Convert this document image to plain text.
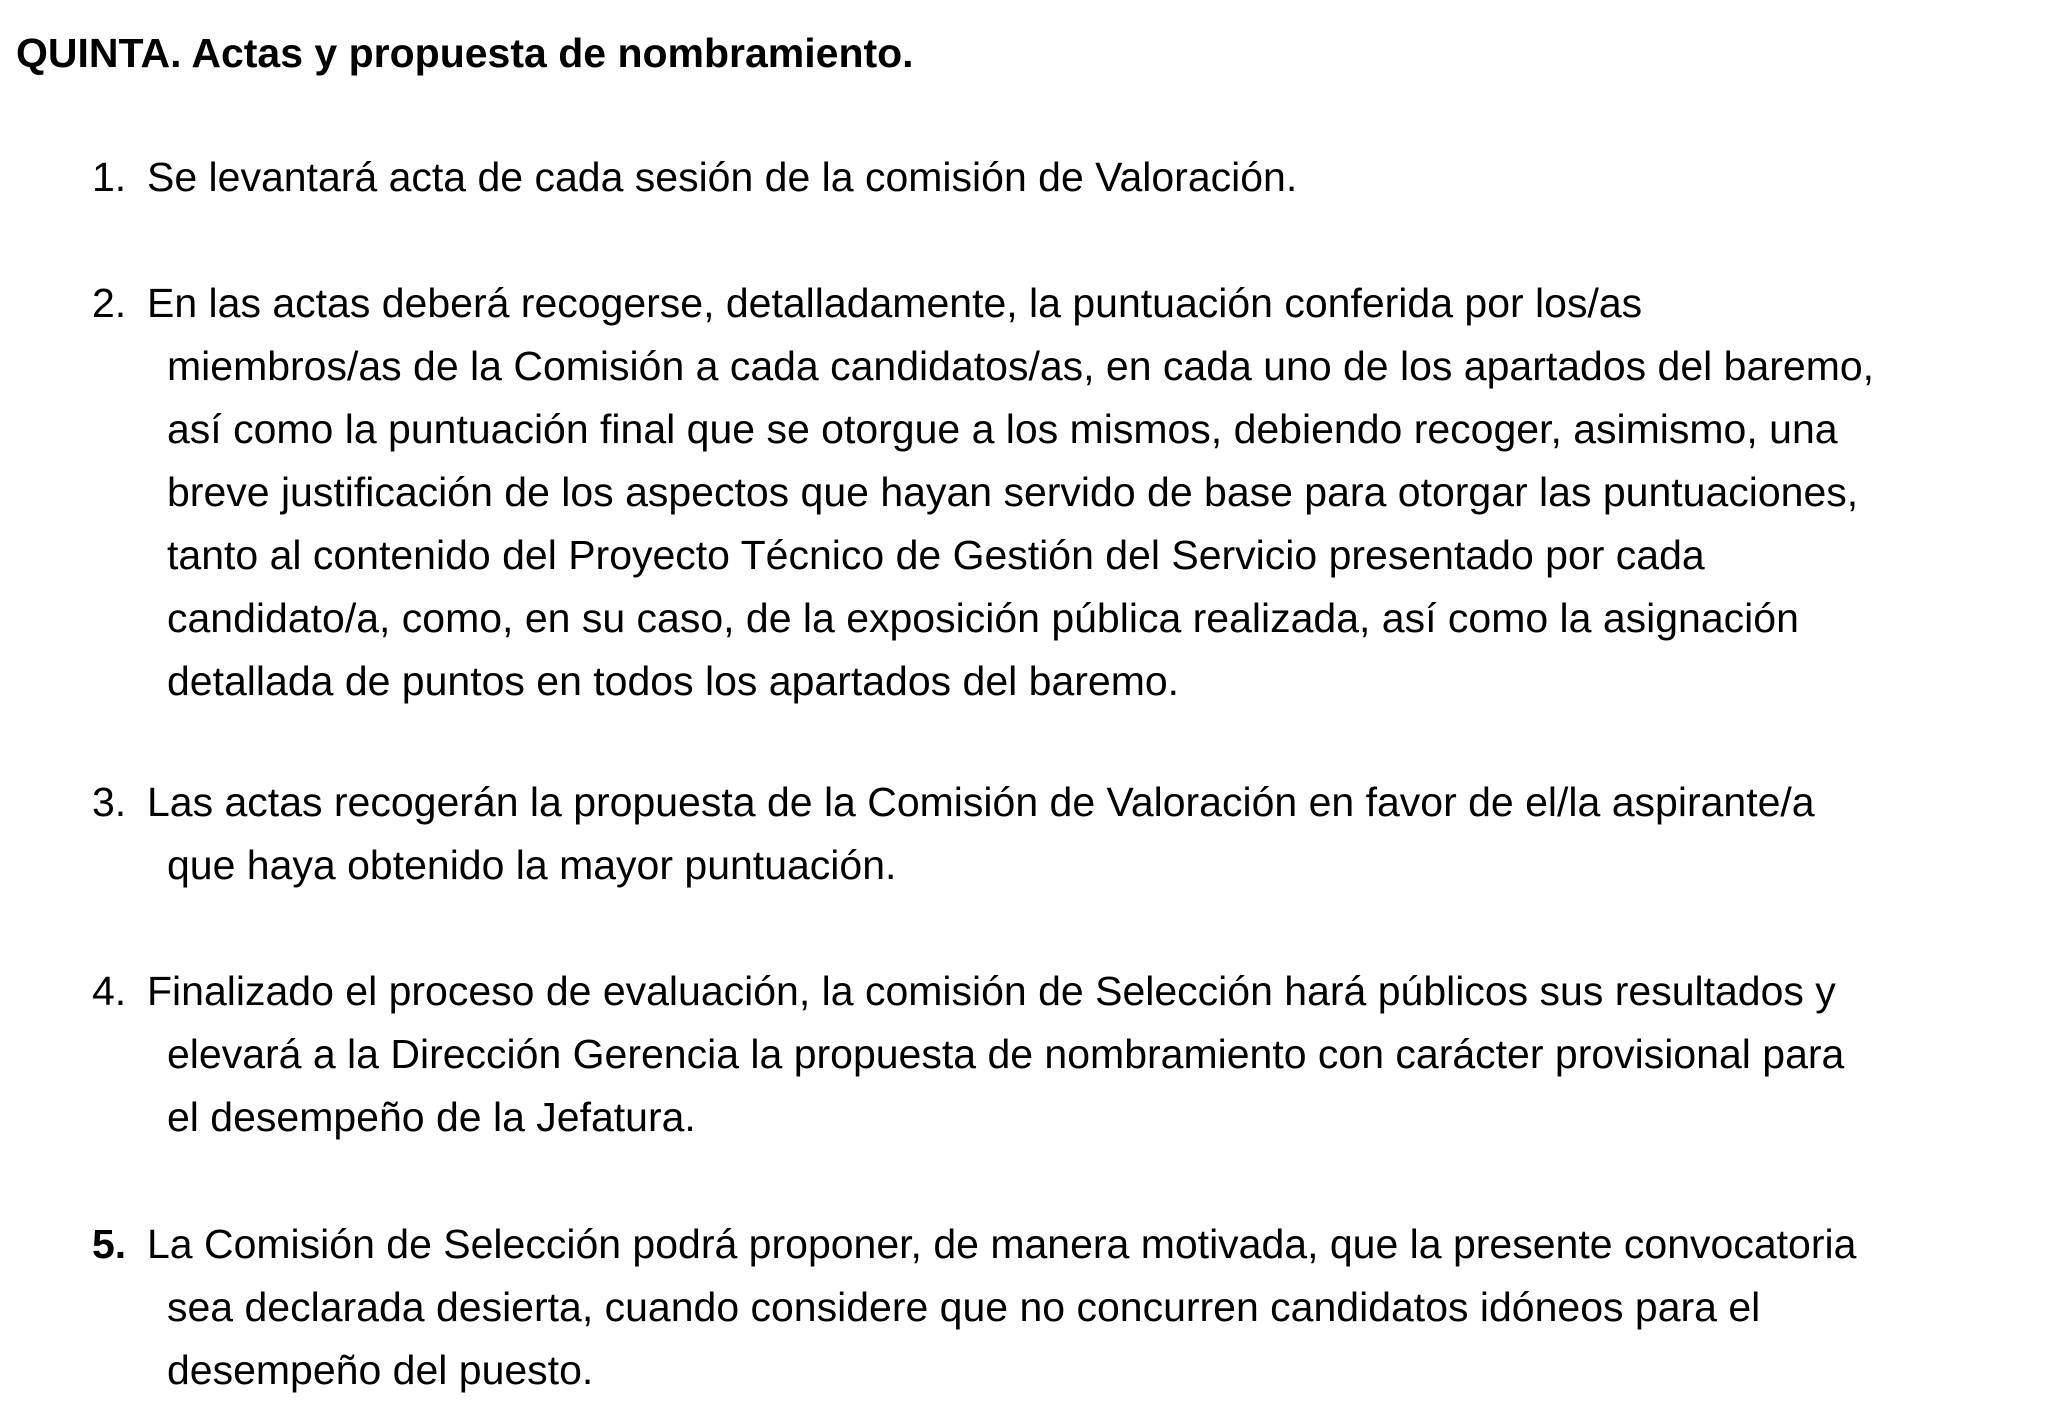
QUINTA. Actas y propuesta de nombramiento.
1. Se levantará acta de cada sesión de la comisión de Valoración.
2. En las actas deberá recogerse, detalladamente, la puntuación conferida por los/as
miembros/as de la Comisión a cada candidatos/as, en cada uno de los apartados del baremo,
así como la puntuación final que se otorgue a los mismos, debiendo recoger, asimismo, una
breve justificación de los aspectos que hayan servido de base para otorgar las puntuaciones,
tanto al contenido del Proyecto Técnico de Gestión del Servicio presentado por cada
candidato/a, como, en su caso, de la exposición pública realizada, así como la asignación
detallada de puntos en todos los apartados del baremo.
3. Las actas recogerán la propuesta de la Comisión de Valoración en favor de el/la aspirante/a
que haya obtenido la mayor puntuación.
4. Finalizado el proceso de evaluación, la comisión de Selección hará públicos sus resultados y
elevará a la Dirección Gerencia la propuesta de nombramiento con carácter provisional para
el desempeño de la Jefatura.
5. La Comisión de Selección podrá proponer, de manera motivada, que la presente convocatoria
sea declarada desierta, cuando considere que no concurren candidatos idóneos para el
desempeño del puesto.
